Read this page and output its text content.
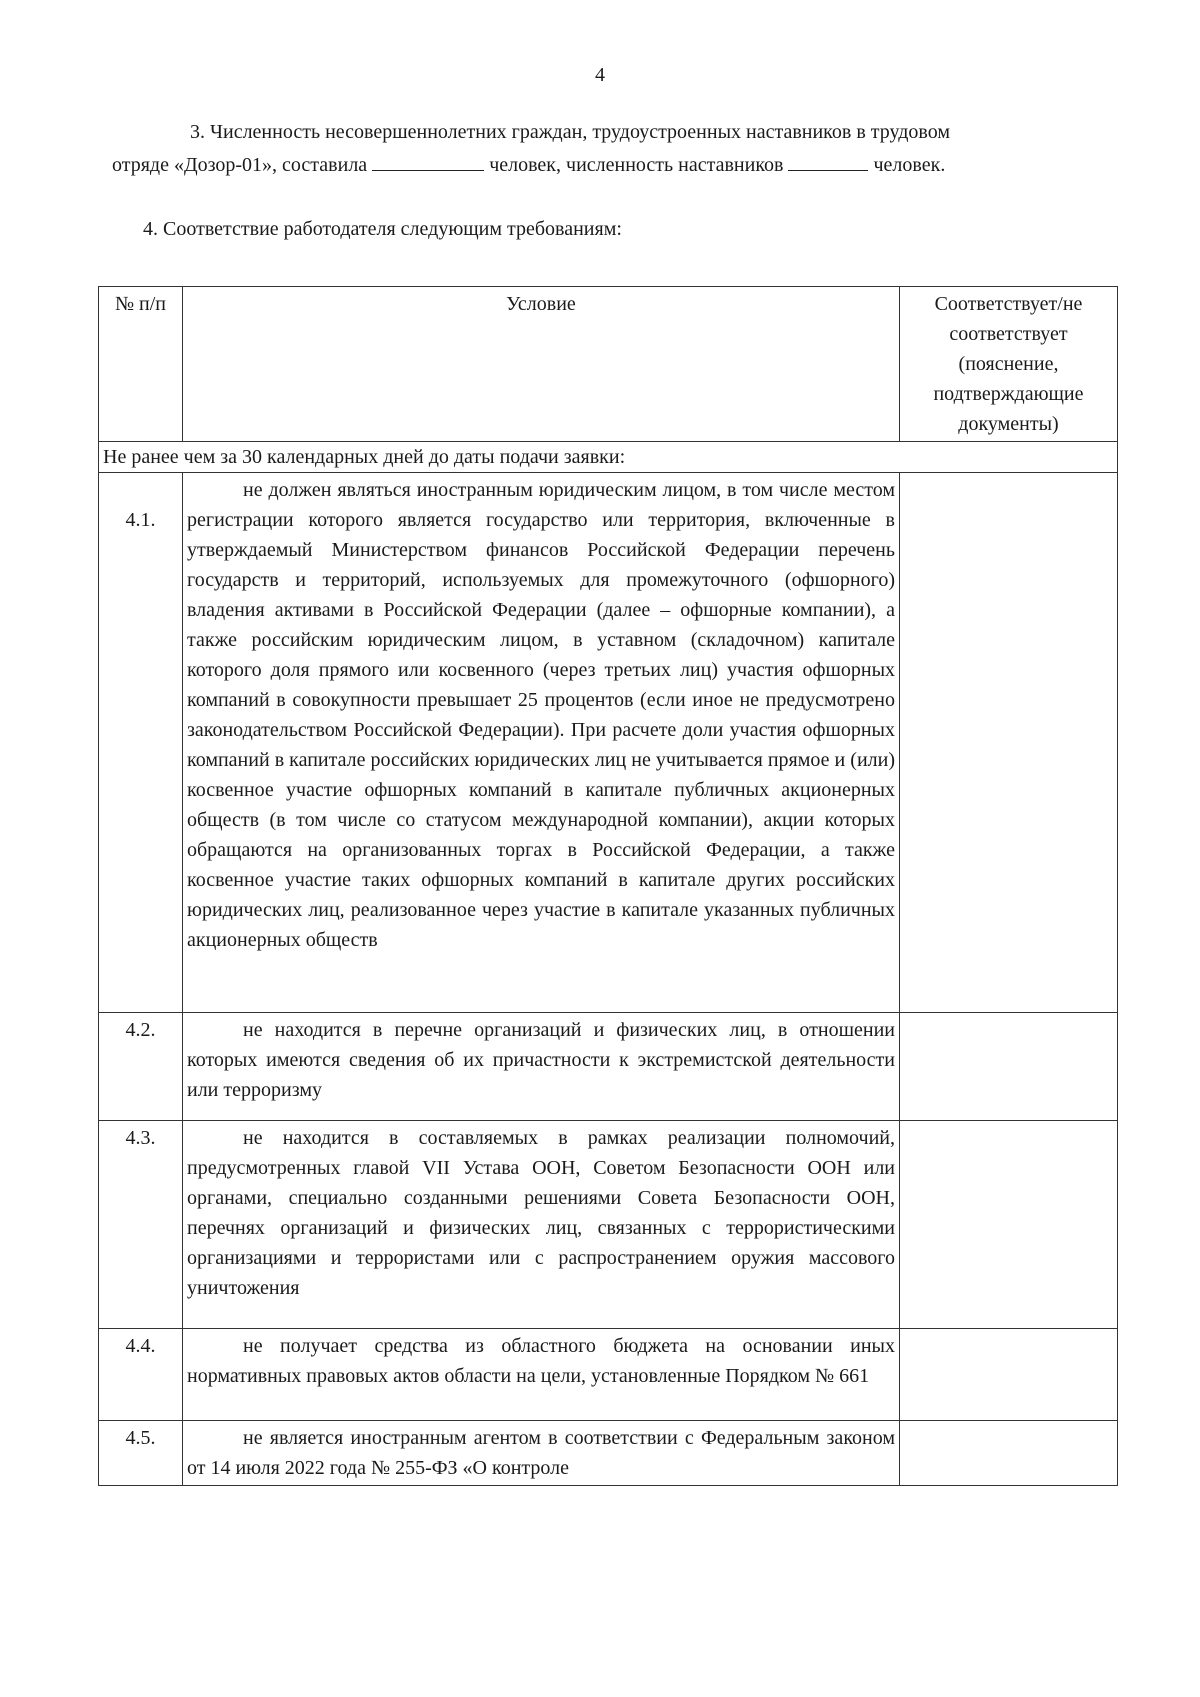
4
3. Численность несовершеннолетних граждан, трудоустроенных наставников в трудовом
отряде «Дозор-01», составила	человек, численность наставников	человек.
4. Соответствие работодателя следующим требованиям:
№ п/п	Условие	Соответствует/не соответствует (пояснение, подтверждающие документы)
Не ранее чем за 30 календарных дней до даты подачи заявки:		
4.1.	не должен являться иностранным юридическим лицом, в том числе местом регистрации которого является государство или территория, включенные в утверждаемый Министерством финансов Российской Федерации перечень государств и территорий, используемых для промежуточного (офшорного) владения активами в Российской Федерации (далее – офшорные компании), а также российским юридическим лицом, в уставном (складочном) капитале которого доля прямого или косвенного (через третьих лиц) участия офшорных компаний в совокупности превышает 25 процентов (если иное не предусмотрено законодательством Российской Федерации). При расчете доли участия офшорных компаний в капитале российских юридических лиц не учитывается прямое и (или) косвенное участие офшорных компаний в капитале публичных акционерных обществ (в том числе со статусом международной компании), акции которых обращаются на организованных торгах в Российской Федерации, а также косвенное участие таких офшорных компаний в капитале других российских юридических лиц, реализованное через участие в капитале указанных публичных акционерных обществ	
4.2.	не находится в перечне организаций и физических лиц, в отношении которых имеются сведения об их причастности к экстремистской деятельности или терроризму	
4.3.	не находится в составляемых в рамках реализации полномочий, предусмотренных главой VII Устава ООН, Советом Безопасности ООН или органами, специально созданными решениями Совета Безопасности ООН, перечнях организаций и физических лиц, связанных с террористическими организациями и террористами или с распространением оружия массового уничтожения	
4.4.	не получает средства из областного бюджета на основании иных нормативных правовых актов области на цели, установленные Порядком № 661	
4.5.	не является иностранным агентом в соответствии с Федеральным законом от 14 июля 2022 года № 255-ФЗ «О контроле	
